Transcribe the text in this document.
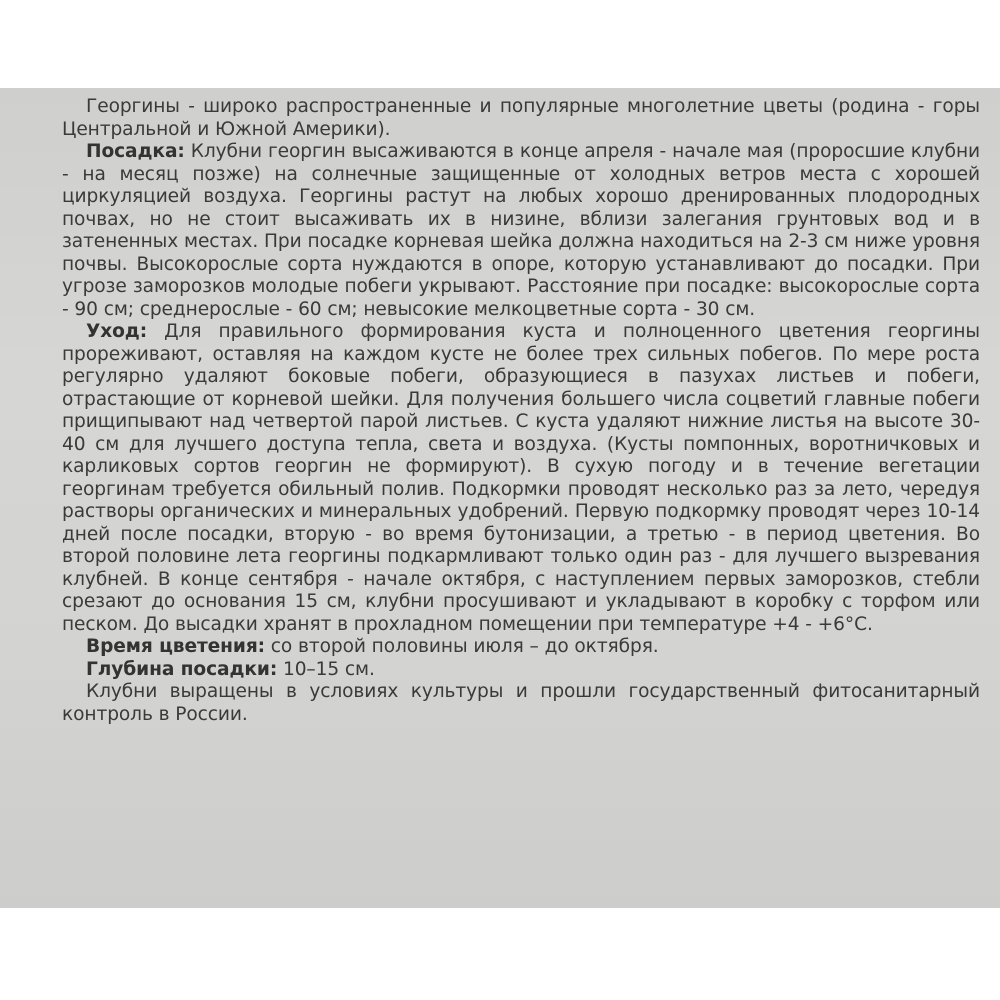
Георгины - широко распространенные и популярные многолетние цветы (родина - горы Центральной и Южной Америки).

Посадка: Клубни георгин высаживаются в конце апреля - начале мая (проросшие клубни - на месяц позже) на солнечные защищенные от холодных ветров места с хорошей циркуляцией воздуха. Георгины растут на любых хорошо дренированных плодородных почвах, но не стоит высаживать их в низине, вблизи залегания грунтовых вод и в затененных местах. При посадке корневая шейка должна находиться на 2-3 см ниже уровня почвы. Высокорослые сорта нуждаются в опоре, которую устанавливают до посадки. При угрозе заморозков молодые побеги укрывают. Расстояние при посадке: высокорослые сорта - 90 см; среднерослые - 60 см; невысокие мелкоцветные сорта - 30 см.

Уход: Для правильного формирования куста и полноценного цветения георгины прореживают, оставляя на каждом кусте не более трех сильных побегов. По мере роста регулярно удаляют боковые побеги, образующиеся в пазухах листьев и побеги, отрастающие от корневой шейки. Для получения большего числа соцветий главные побеги прищипывают над четвертой парой листьев. С куста удаляют нижние листья на высоте 30-40 см для лучшего доступа тепла, света и воздуха. (Кусты помпонных, воротничковых и карликовых сортов георгин не формируют). В сухую погоду и в течение вегетации георгинам требуется обильный полив. Подкормки проводят несколько раз за лето, чередуя растворы органических и минеральных удобрений. Первую подкормку проводят через 10-14 дней после посадки, вторую - во время бутонизации, а третью - в период цветения. Во второй половине лета георгины подкармливают только один раз - для лучшего вызревания клубней. В конце сентября - начале октября, с наступлением первых заморозков, стебли срезают до основания 15 см, клубни просушивают и укладывают в коробку с торфом или песком. До высадки хранят в прохладном помещении при температуре +4 - +6°С.

Время цветения: со второй половины июля – до октября.

Глубина посадки: 10–15 см.

Клубни выращены в условиях культуры и прошли государственный фитосанитарный контроль в России.
